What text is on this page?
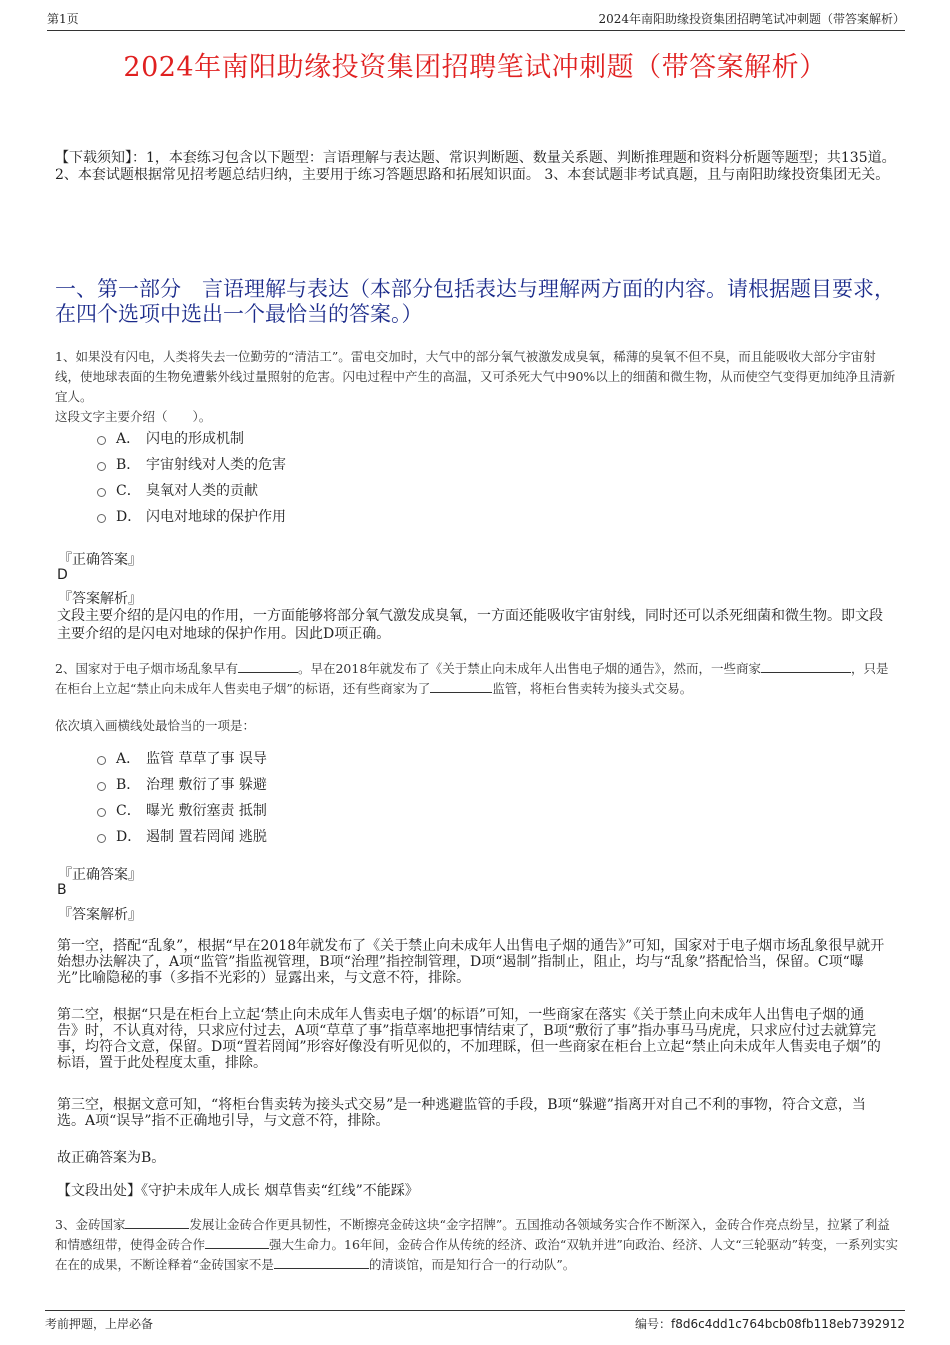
第1页	2024年南阳助缘投资集团招聘笔试冲刺题（带答案解析）
2024年南阳助缘投资集团招聘笔试冲刺题（带答案解析）
【下载须知】：1，本套练习包含以下题型：言语理解与表达题、常识判断题、数量关系题、判断推理题和资料分析题等题型；共135道。 2、本套试题根据常见招考题总结归纳，主要用于练习答题思路和拓展知识面。 3、本套试题非考试真题，且与南阳助缘投资集团无关。
一、第一部分　言语理解与表达（本部分包括表达与理解两方面的内容。请根据题目要求，在四个选项中选出一个最恰当的答案。）
1、如果没有闪电，人类将失去一位勤劳的“清洁工”。雷电交加时，大气中的部分氧气被激发成臭氧，稀薄的臭氧不但不臭，而且能吸收大部分宇宙射线，使地球表面的生物免遭紫外线过量照射的危害。闪电过程中产生的高温，又可杀死大气中90%以上的细菌和微生物，从而使空气变得更加纯净且清新宜人。
这段文字主要介绍（　　）。
A． 闪电的形成机制
B． 宇宙射线对人类的危害
C． 臭氧对人类的贡献
D． 闪电对地球的保护作用
『正确答案』
D
『答案解析』
文段主要介绍的是闪电的作用，一方面能够将部分氧气激发成臭氧，一方面还能吸收宇宙射线，同时还可以杀死细菌和微生物。即文段主要介绍的是闪电对地球的保护作用。因此D项正确。
2、国家对于电子烟市场乱象早有	。早在2018年就发布了《关于禁止向未成年人出售电子烟的通告》，然而，一些商家	，只是在柜台上立起“禁止向未成年人售卖电子烟”的标语，还有些商家为了	监管，将柜台售卖转为接头式交易。
依次填入画横线处最恰当的一项是：
A． 监管 草草了事 误导
B． 治理 敷衍了事 躲避
C． 曝光 敷衍塞责 抵制
D． 遏制 置若罔闻 逃脱
『正确答案』
B
『答案解析』
第一空，搭配“乱象”，根据“早在2018年就发布了《关于禁止向未成年人出售电子烟的通告》”可知，国家对于电子烟市场乱象很早就开始想办法解决了，A项“监管”指监视管理，B项“治理”指控制管理，D项“遏制”指制止，阻止，均与“乱象”搭配恰当，保留。C项“曝光”比喻隐秘的事（多指不光彩的）显露出来，与文意不符，排除。
第二空，根据“只是在柜台上立起‘禁止向未成年人售卖电子烟’的标语”可知，一些商家在落实《关于禁止向未成年人出售电子烟的通告》时，不认真对待，只求应付过去，A项“草草了事”指草率地把事情结束了，B项“敷衍了事”指办事马马虎虎，只求应付过去就算完事，均符合文意，保留。D项“置若罔闻”形容好像没有听见似的，不加理睬，但一些商家在柜台上立起“禁止向未成年人售卖电子烟”的标语，置于此处程度太重，排除。
第三空，根据文意可知，“将柜台售卖转为接头式交易”是一种逃避监管的手段，B项“躲避”指离开对自己不利的事物，符合文意，当选。A项“误导”指不正确地引导，与文意不符，排除。
故正确答案为B。
【文段出处】《守护未成年人成长 烟草售卖“红线”不能踩》
3、金砖国家	发展让金砖合作更具韧性，不断擦亮金砖这块“金字招牌”。五国推动各领域务实合作不断深入，金砖合作亮点纷呈，拉紧了利益和情感纽带，使得金砖合作	强大生命力。16年间，金砖合作从传统的经济、政治“双轨并进”向政治、经济、人文“三轮驱动”转变，一系列实实在在的成果，不断诠释着“金砖国家不是	的清谈馆，而是知行合一的行动队”。
考前押题，上岸必备	编号：f8d6c4dd1c764bcb08fb118eb7392912
